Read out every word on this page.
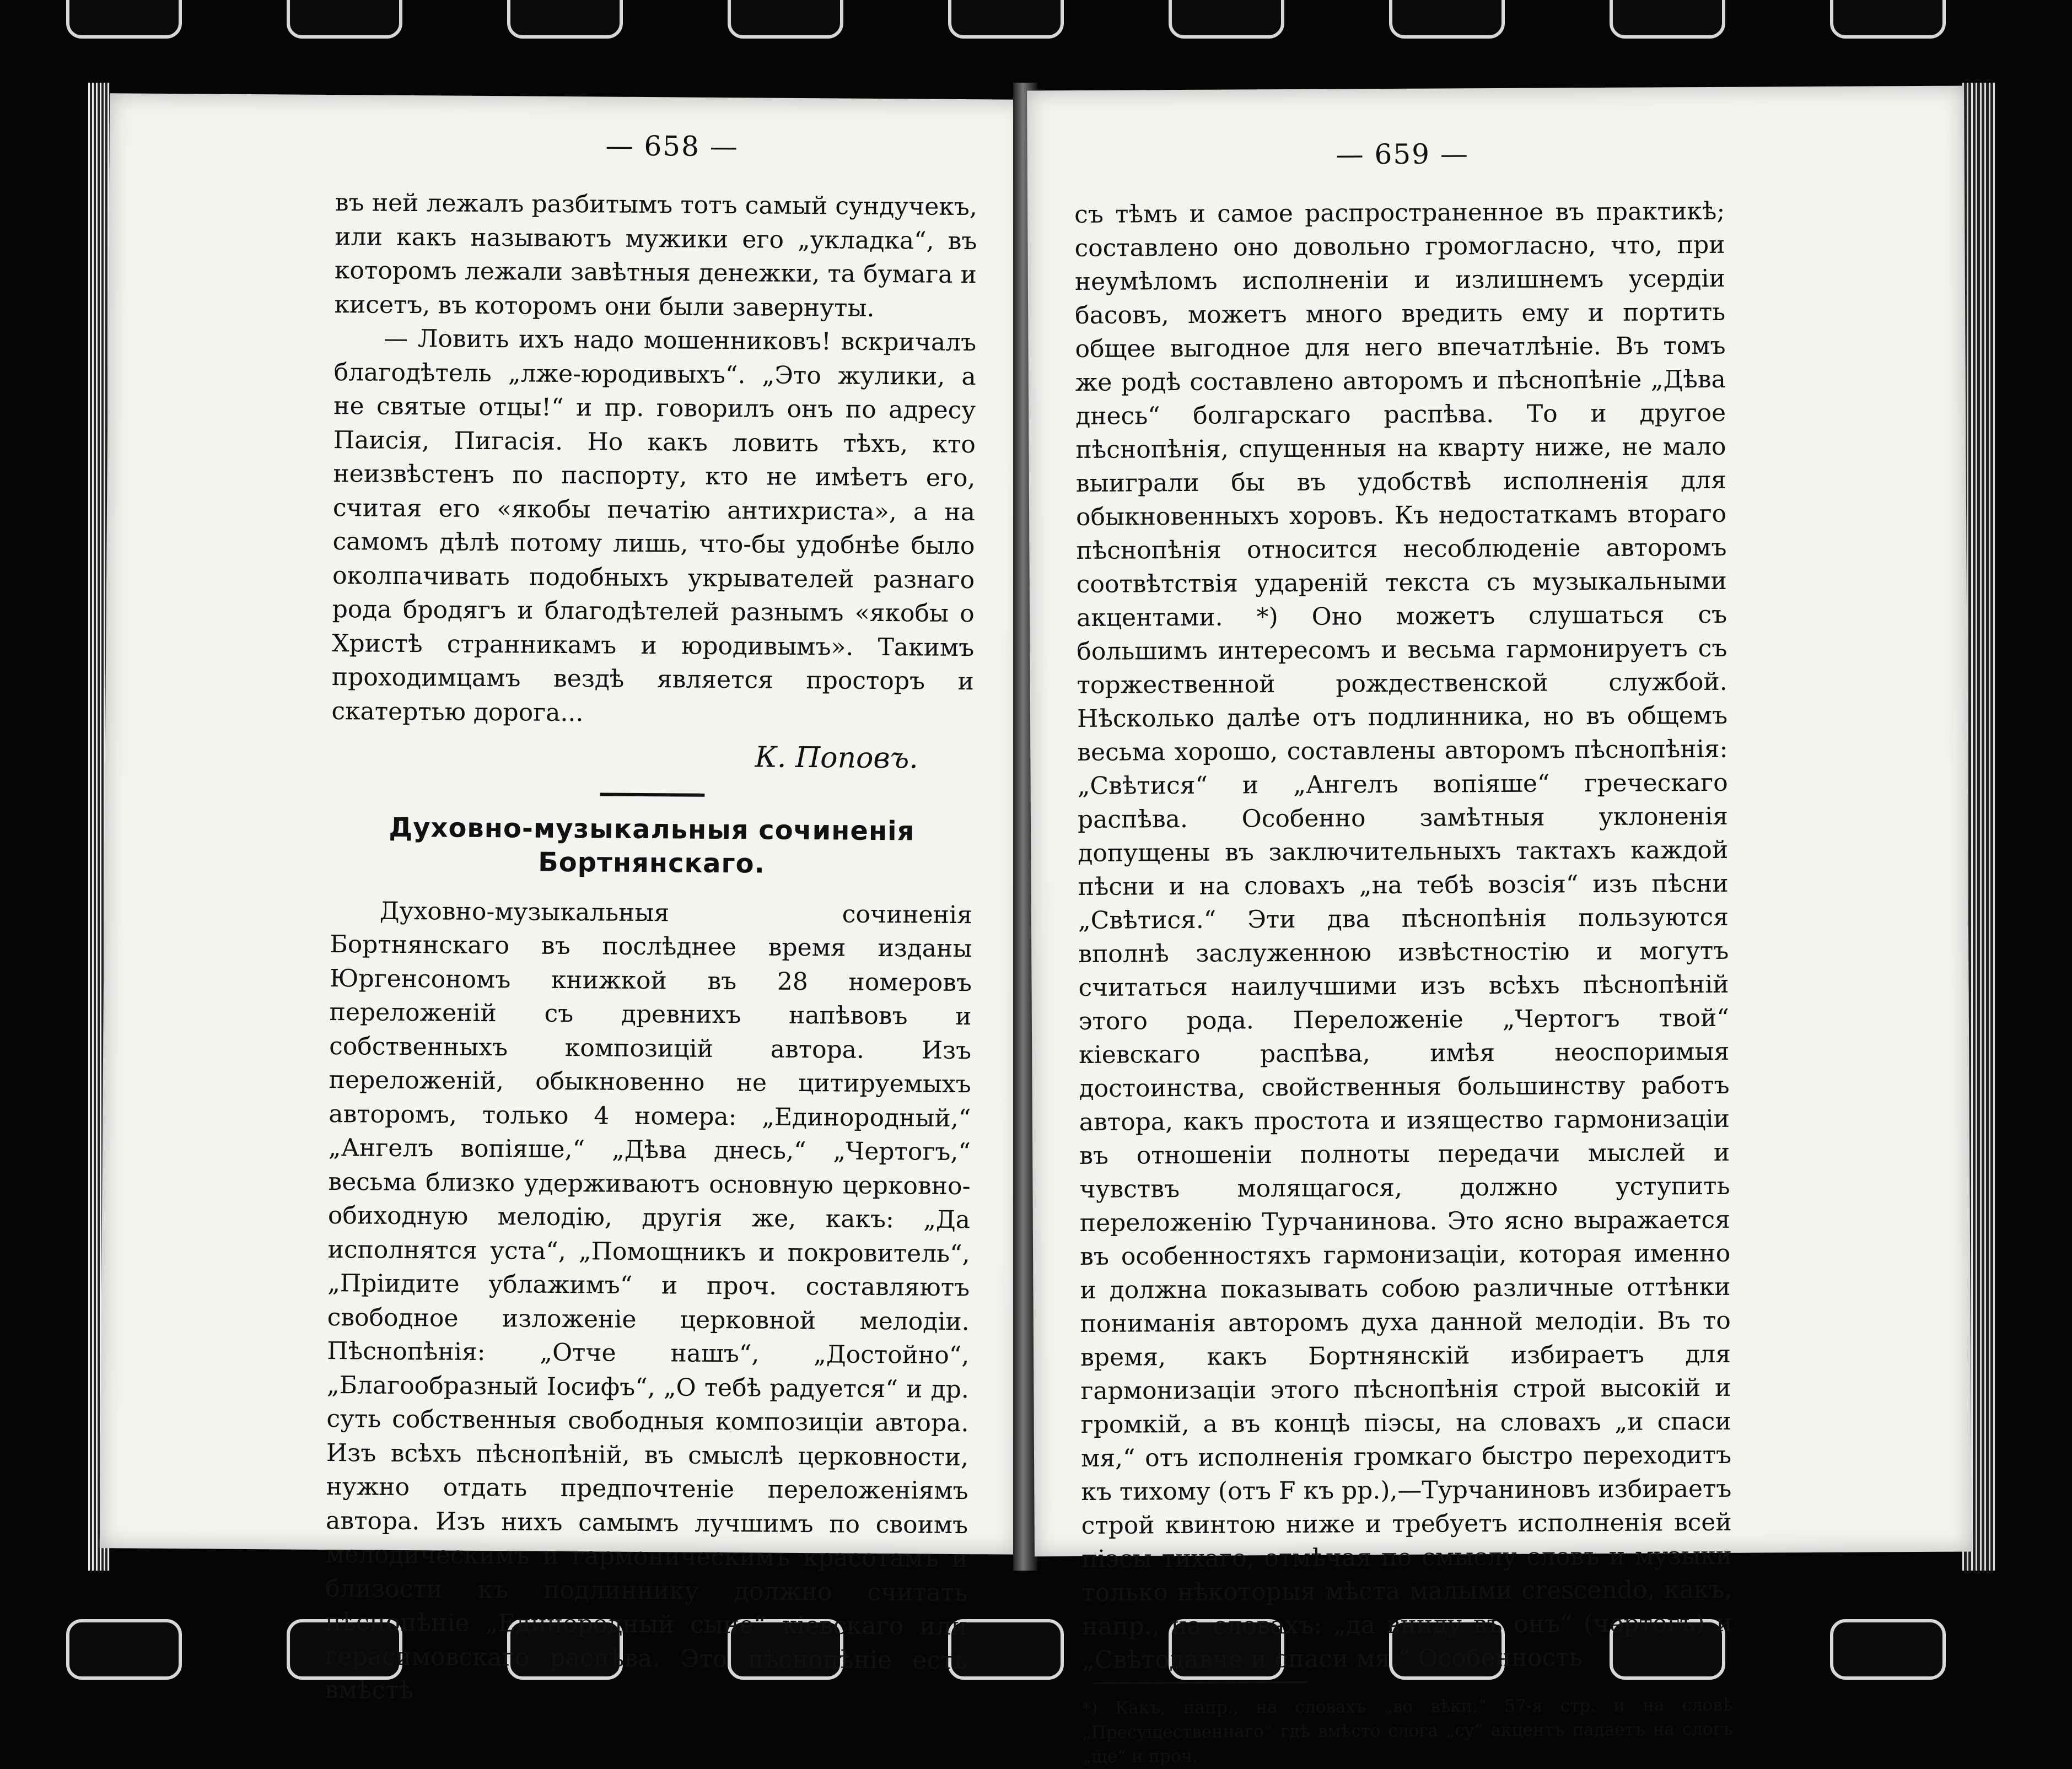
— 658 —

въ ней лежалъ разбитымъ тотъ самый сундучекъ, или какъ называютъ мужики его „укладка“, въ которомъ лежали завѣтныя денежки, та бумага и кисетъ, въ которомъ они были завернуты.

— Ловить ихъ надо мошенниковъ! вскричалъ благодѣтель „лже-юродивыхъ“. „Это жулики, а не святые отцы!“ и пр. говорилъ онъ по адресу Паисія, Пигасія. Но какъ ловить тѣхъ, кто неизвѣстенъ по паспорту, кто не имѣетъ его, считая его «якобы печатію антихриста», а на самомъ дѣлѣ потому лишь, что-бы удобнѣе было околпачивать подобныхъ укрывателей разнаго рода бродягъ и благодѣтелей разнымъ «якобы о Христѣ странникамъ и юродивымъ». Такимъ проходимцамъ вездѣ является просторъ и скатертью дорога...

К. Поповъ.

Духовно-музыкальныя сочиненія Бортнянскаго.

Духовно-музыкальныя сочиненія Бортнянскаго въ послѣднее время изданы Юргенсономъ книжкой въ 28 номеровъ переложеній съ древнихъ напѣвовъ и собственныхъ композицій автора. Изъ переложеній, обыкновенно не цитируемыхъ авторомъ, только 4 номера: „Единородный,“ „Ангелъ вопіяше,“ „Дѣва днесь,“ „Чертогъ,“ весьма близко удерживаютъ основную церковно-обиходную мелодію, другія же, какъ: „Да исполнятся уста“, „Помощникъ и покровитель“, „Пріидите ублажимъ“ и проч. составляютъ свободное изложеніе церковной мелодіи. Пѣснопѣнія: „Отче нашъ“, „Достойно“, „Благообразный Іосифъ“, „О тебѣ радуется“ и др. суть собственныя свободныя композиціи автора. Изъ всѣхъ пѣснопѣній, въ смыслѣ церковности, нужно отдать предпочтеніе переложеніямъ автора. Изъ нихъ самымъ лучшимъ по своимъ мелодическимъ и гармоническимъ красотамъ и близости къ подлиннику должно считать пѣснопѣніе „Единородный сыне“ кіевскаго или герасимовскаго распѣва. Это пѣснопѣніе есть вмѣстѣ

— 659 —

съ тѣмъ и самое распространенное въ практикѣ; составлено оно довольно громогласно, что, при неумѣломъ исполненіи и излишнемъ усердіи басовъ, можетъ много вредить ему и портить общее выгодное для него впечатлѣніе. Въ томъ же родѣ составлено авторомъ и пѣснопѣніе „Дѣва днесь“ болгарскаго распѣва. То и другое пѣснопѣнія, спущенныя на кварту ниже, не мало выиграли бы въ удобствѣ исполненія для обыкновенныхъ хоровъ. Къ недостаткамъ втораго пѣснопѣнія относится несоблюденіе авторомъ соотвѣтствія удареній текста съ музыкальными акцентами. *) Оно можетъ слушаться съ большимъ интересомъ и весьма гармонируетъ съ торжественной рождественской службой. Нѣсколько далѣе отъ подлинника, но въ общемъ весьма хорошо, составлены авторомъ пѣснопѣнія: „Свѣтися“ и „Ангелъ вопіяше“ греческаго распѣва. Особенно замѣтныя уклоненія допущены въ заключительныхъ тактахъ каждой пѣсни и на словахъ „на тебѣ возсія“ изъ пѣсни „Свѣтися.“ Эти два пѣснопѣнія пользуются вполнѣ заслуженною извѣстностію и могутъ считаться наилучшими изъ всѣхъ пѣснопѣній этого рода. Переложеніе „Чертогъ твой“ кіевскаго распѣва, имѣя неоспоримыя достоинства, свойственныя большинству работъ автора, какъ простота и изящество гармонизаціи въ отношеніи полноты передачи мыслей и чувствъ молящагося, должно уступить переложенію Турчанинова. Это ясно выражается въ особенностяхъ гармонизаціи, которая именно и должна показывать собою различные оттѣнки пониманія авторомъ духа данной мелодіи. Въ то время, какъ Бортнянскій избираетъ для гармонизаціи этого пѣснопѣнія строй высокій и громкій, а въ концѣ піэсы, на словахъ „и спаси мя,“ отъ исполненія громкаго быстро переходитъ къ тихому (отъ F къ pp.),—Турчаниновъ избираетъ строй квинтою ниже и требуетъ исполненія всей піэсы тихаго, отмѣчая по смыслу словъ и музыки только нѣкоторыя мѣста малыми crescendo, какъ, напр., на словахъ: „да вниду въ онъ“ (чертогъ) и „Свѣтодавче и спаси мя.“ Особенность

*) Какъ, напр., на словахъ „во вѣки,“ 57-я стр. и на словѣ „Пресущественнаго“ гдѣ вмѣсто слога „су“ акцентъ падаетъ на слогъ „ще“ и проч.
